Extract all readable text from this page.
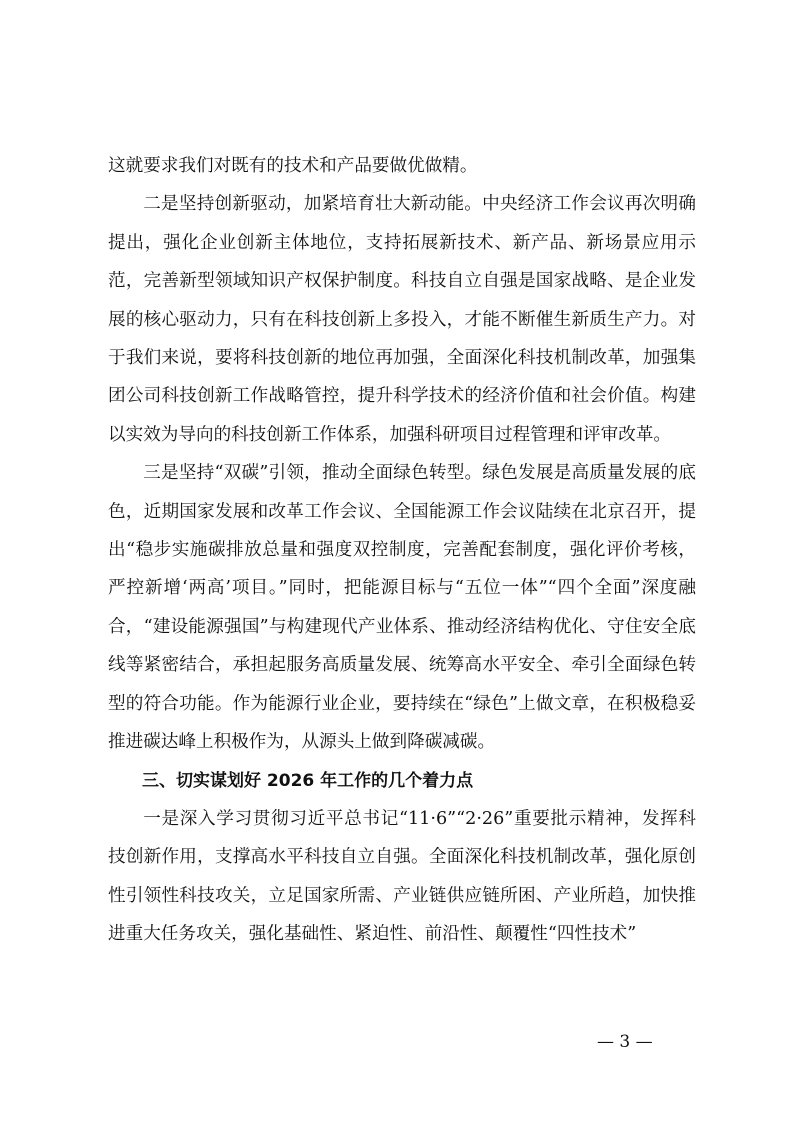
这就要求我们对既有的技术和产品要做优做精。

二是坚持创新驱动，加紧培育壮大新动能。中央经济工作会议再次明确提出，强化企业创新主体地位，支持拓展新技术、新产品、新场景应用示范，完善新型领域知识产权保护制度。科技自立自强是国家战略、是企业发展的核心驱动力，只有在科技创新上多投入，才能不断催生新质生产力。对于我们来说，要将科技创新的地位再加强，全面深化科技机制改革，加强集团公司科技创新工作战略管控，提升科学技术的经济价值和社会价值。构建以实效为导向的科技创新工作体系，加强科研项目过程管理和评审改革。

三是坚持“双碳”引领，推动全面绿色转型。绿色发展是高质量发展的底色，近期国家发展和改革工作会议、全国能源工作会议陆续在北京召开，提出“稳步实施碳排放总量和强度双控制度，完善配套制度，强化评价考核，严控新增‘两高’项目。”同时，把能源目标与“五位一体”“四个全面”深度融合，“建设能源强国”与构建现代产业体系、推动经济结构优化、守住安全底线等紧密结合，承担起服务高质量发展、统筹高水平安全、牵引全面绿色转型的符合功能。作为能源行业企业，要持续在“绿色”上做文章，在积极稳妥推进碳达峰上积极作为，从源头上做到降碳减碳。

三、切实谋划好 2026 年工作的几个着力点

一是深入学习贯彻习近平总书记“11·6”“2·26”重要批示精神，发挥科技创新作用，支撑高水平科技自立自强。全面深化科技机制改革，强化原创性引领性科技攻关，立足国家所需、产业链供应链所困、产业所趋，加快推进重大任务攻关，强化基础性、紧迫性、前沿性、颠覆性“四性技术”

— 3 —
